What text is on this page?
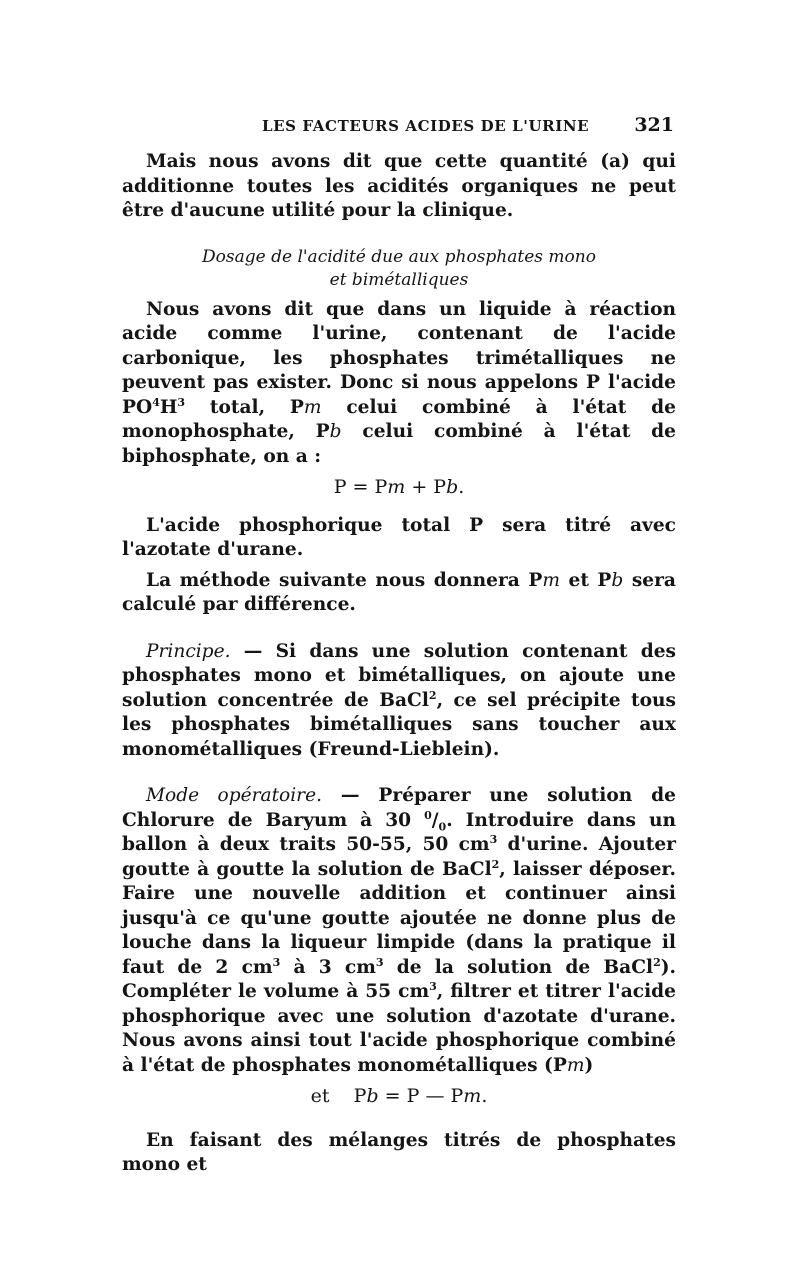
LES FACTEURS ACIDES DE L'URINE 321

Mais nous avons dit que cette quantité (a) qui additionne toutes les acidités organiques ne peut être d'aucune utilité pour la clinique.

Dosage de l'acidité due aux phosphates mono
et bimétalliques

Nous avons dit que dans un liquide à réaction acide comme l'urine, contenant de l'acide carbonique, les phosphates trimétalliques ne peuvent pas exister. Donc si nous appelons P l'acide $PO^4H^3$ total, Pm celui combiné à l'état de monophosphate, Pb celui combiné à l'état de biphosphate, on a :

P = Pm + Pb.

L'acide phosphorique total P sera titré avec l'azotate d'urane.

La méthode suivante nous donnera Pm et Pb sera calculé par différence.

Principe. — Si dans une solution contenant des phosphates mono et bimétalliques, on ajoute une solution concentrée de BaCl$^2$, ce sel précipite tous les phosphates bimétalliques sans toucher aux monométalliques (Freund-Lieblein).

Mode opératoire. — Préparer une solution de Chlorure de Baryum à 30 $^0/_0$. Introduire dans un ballon à deux traits 50-55, 50 $cm^3$ d'urine. Ajouter goutte à goutte la solution de BaCl$^2$, laisser déposer. Faire une nouvelle addition et continuer ainsi jusqu'à ce qu'une goutte ajoutée ne donne plus de louche dans la liqueur limpide (dans la pratique il faut de 2 $cm^3$ à 3 $cm^3$ de la solution de BaCl$^2$). Compléter le volume à 55 $cm^3$, filtrer et titrer l'acide phosphorique avec une solution d'azotate d'urane. Nous avons ainsi tout l'acide phosphorique combiné à l'état de phosphates monométalliques (Pm)

et    Pb = P — Pm.

En faisant des mélanges titrés de phosphates mono et
